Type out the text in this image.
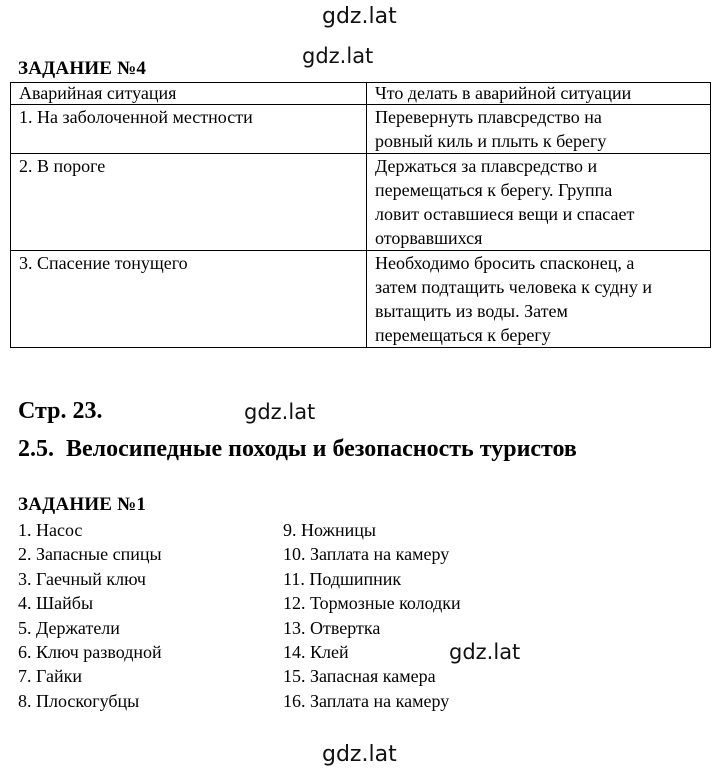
gdz.lat
gdz.lat
ЗАДАНИЕ №4
Аварийная ситуация	Что делать в аварийной ситуации
1. На заболоченной местности	Перевернуть плавсредство на
ровный киль и плыть к берегу

2. В пороге	Держаться за плавсредство и
перемещаться к берегу. Группа
ловит оставшиеся вещи и спасает
оторвавшихся

3. Спасение тонущего	Необходимо бросить спасконец, а
затем подтащить человека к судну и
вытащить из воды. Затем
перемещаться к берегу
Стр. 23.	gdz.lat
2.5. Велосипедные походы и безопасность туристов
ЗАДАНИЕ №1
1. Насос
2. Запасные спицы
3. Гаечный ключ
4. Шайбы
5. Держатели
6. Ключ разводной
7. Гайки
8. Плоскогубцы
9. Ножницы
10. Заплата на камеру
11. Подшипник
12. Тормозные колодки
13. Отвертка
14. Клей
15. Запасная камера
16. Заплата на камеру
gdz.lat
gdz.lat
